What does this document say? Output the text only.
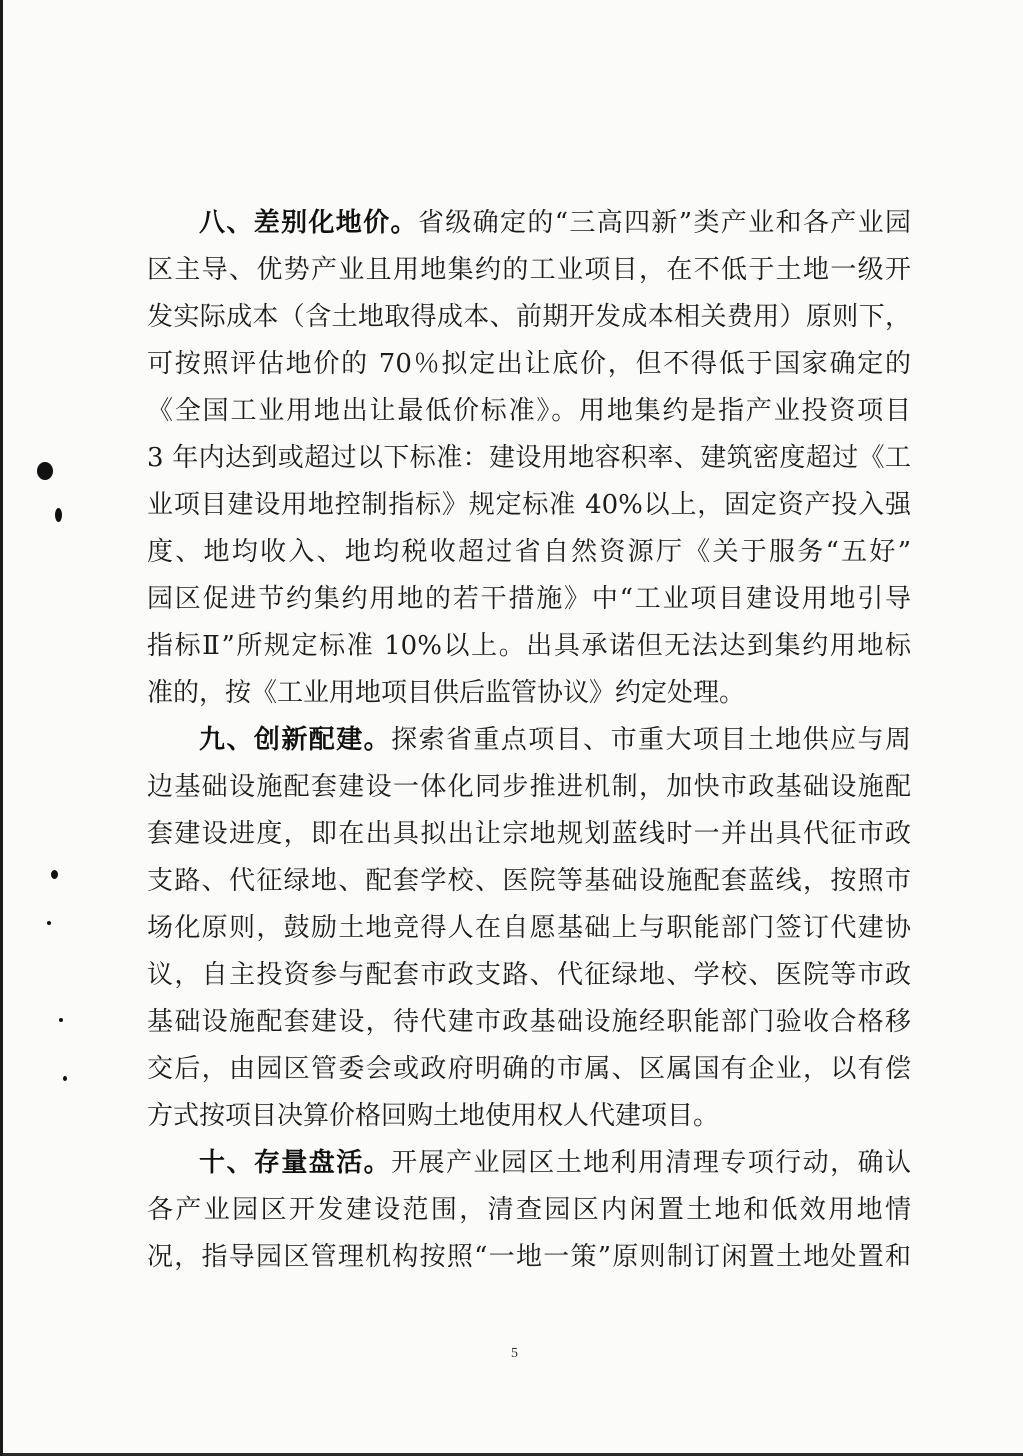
八、差别化地价。省级确定的“三高四新”类产业和各产业园
区主导、优势产业且用地集约的工业项目，在不低于土地一级开
发实际成本（含土地取得成本、前期开发成本相关费用）原则下，
可按照评估地价的 70％拟定出让底价，但不得低于国家确定的
《全国工业用地出让最低价标准》。用地集约是指产业投资项目
3 年内达到或超过以下标准：建设用地容积率、建筑密度超过《工
业项目建设用地控制指标》规定标准 40%以上，固定资产投入强
度、地均收入、地均税收超过省自然资源厅《关于服务“五好”
园区促进节约集约用地的若干措施》中“工业项目建设用地引导
指标Ⅱ”所规定标准 10%以上。出具承诺但无法达到集约用地标
准的，按《工业用地项目供后监管协议》约定处理。
九、创新配建。探索省重点项目、市重大项目土地供应与周
边基础设施配套建设一体化同步推进机制，加快市政基础设施配
套建设进度，即在出具拟出让宗地规划蓝线时一并出具代征市政
支路、代征绿地、配套学校、医院等基础设施配套蓝线，按照市
场化原则，鼓励土地竞得人在自愿基础上与职能部门签订代建协
议，自主投资参与配套市政支路、代征绿地、学校、医院等市政
基础设施配套建设，待代建市政基础设施经职能部门验收合格移
交后，由园区管委会或政府明确的市属、区属国有企业，以有偿
方式按项目决算价格回购土地使用权人代建项目。
十、存量盘活。开展产业园区土地利用清理专项行动，确认
各产业园区开发建设范围，清查园区内闲置土地和低效用地情
况，指导园区管理机构按照“一地一策”原则制订闲置土地处置和
5
